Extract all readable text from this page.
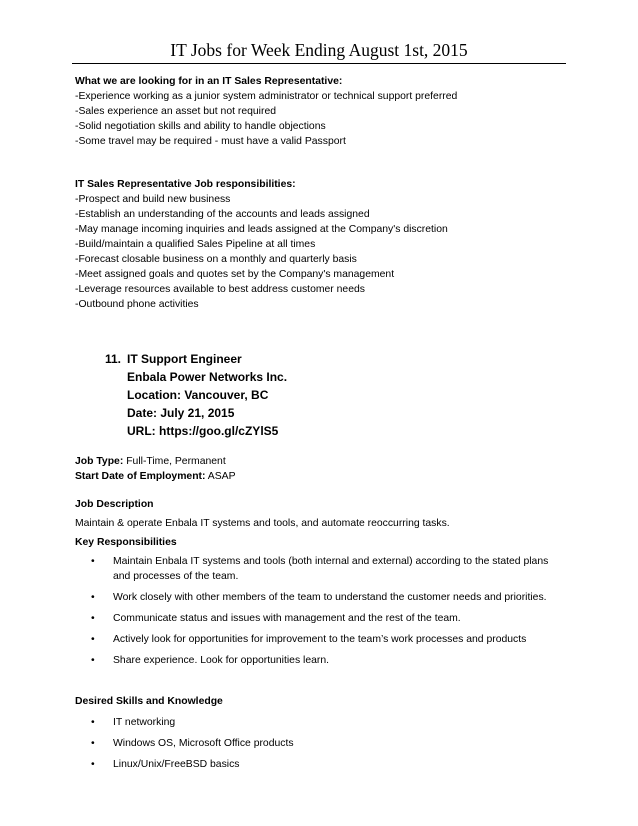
IT Jobs for Week Ending August 1st, 2015
What we are looking for in an IT Sales Representative:
-Experience working as a junior system administrator or technical support preferred
-Sales experience an asset but not required
-Solid negotiation skills and ability to handle objections
-Some travel may be required - must have a valid Passport
IT Sales Representative Job responsibilities:
-Prospect and build new business
-Establish an understanding of the accounts and leads assigned
-May manage incoming inquiries and leads assigned at the Company's discretion
-Build/maintain a qualified Sales Pipeline at all times
-Forecast closable business on a monthly and quarterly basis
-Meet assigned goals and quotes set by the Company's management
-Leverage resources available to best address customer needs
-Outbound phone activities
11. IT Support Engineer
Enbala Power Networks Inc.
Location: Vancouver, BC
Date: July 21, 2015
URL: https://goo.gl/cZYlS5
Job Type: Full-Time, Permanent
Start Date of Employment: ASAP
Job Description
Maintain & operate Enbala IT systems and tools, and automate reoccurring tasks.
Key Responsibilities
• Maintain Enbala IT systems and tools (both internal and external) according to the stated plans
and processes of the team.
• Work closely with other members of the team to understand the customer needs and priorities.
• Communicate status and issues with management and the rest of the team.
• Actively look for opportunities for improvement to the team’s work processes and products
• Share experience. Look for opportunities learn.
Desired Skills and Knowledge
• IT networking
• Windows OS, Microsoft Office products
• Linux/Unix/FreeBSD basics
